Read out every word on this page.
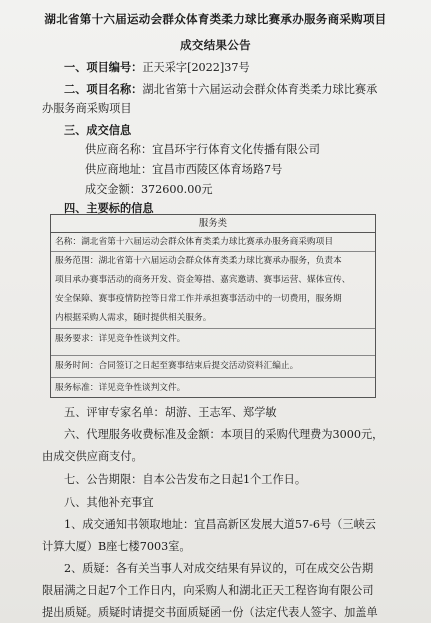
湖北省第十六届运动会群众体育类柔力球比赛承办服务商采购项目
成交结果公告
一、项目编号：正天采字[2022]37号
二、项目名称：湖北省第十六届运动会群众体育类柔力球比赛承
办服务商采购项目
三、成交信息
供应商名称：宜昌环宇行体育文化传播有限公司
供应商地址：宜昌市西陵区体育场路7号
成交金额：372600.00元
四、主要标的信息
服务类
名称：湖北省第十六届运动会群众体育类柔力球比赛承办服务商采购项目
服务范围：湖北省第十六届运动会群众体育类柔力球比赛承办服务，负责本
项目承办赛事活动的商务开发、资金筹措、嘉宾邀请、赛事运营、媒体宣传、
安全保障、赛事疫情防控等日常工作并承担赛事活动中的一切费用，服务期
内根据采购人需求，随时提供相关服务。
服务要求：详见竞争性谈判文件。
服务时间：合同签订之日起至赛事结束后提交活动资料汇编止。
服务标准：详见竞争性谈判文件。
五、评审专家名单：胡游、王志军、郑学敏
六、代理服务收费标准及金额：本项目的采购代理费为3000元，
由成交供应商支付。
七、公告期限：自本公告发布之日起1个工作日。
八、其他补充事宜
1、成交通知书领取地址：宜昌高新区发展大道57-6号（三峡云
计算大厦）B座七楼7003室。
2、质疑：各有关当事人对成交结果有异议的，可在成交公告期
限届满之日起7个工作日内，向采购人和湖北正天工程咨询有限公司
提出质疑。质疑时请提交书面质疑函一份（法定代表人签字、加盖单
